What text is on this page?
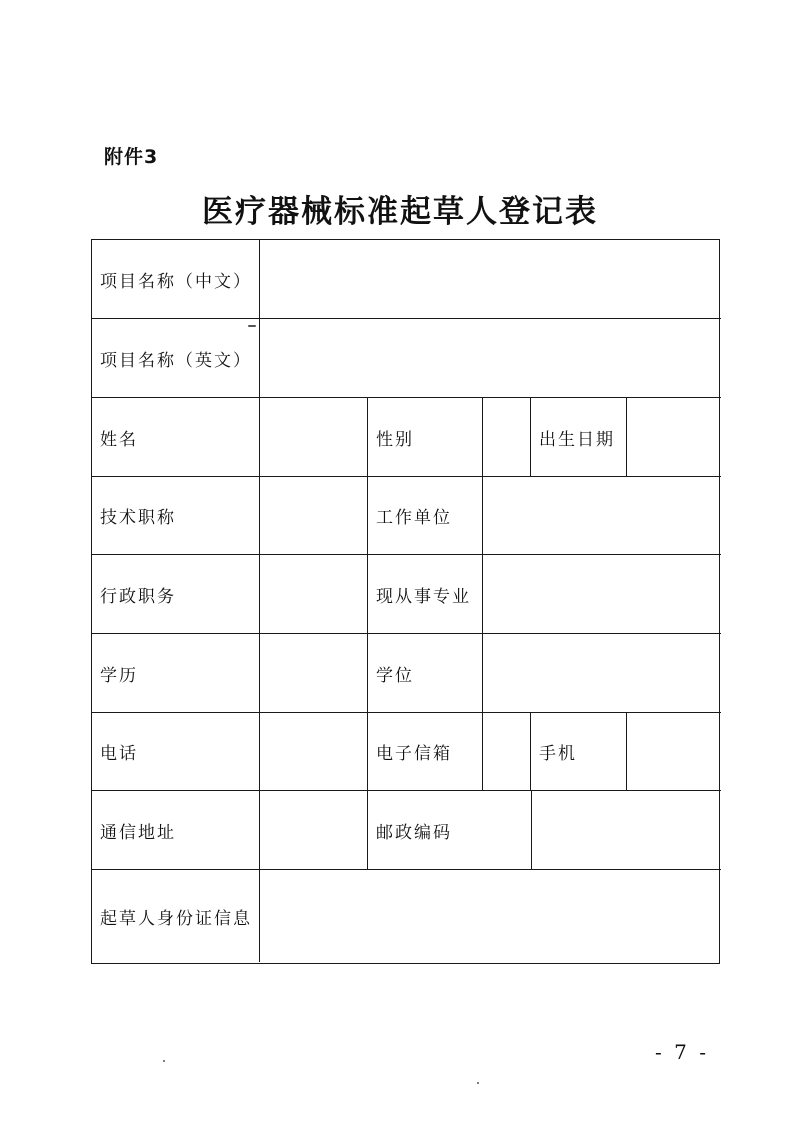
附件3
医疗器械标准起草人登记表
项目名称（中文）
项目名称（英文）
姓名	性别	出生日期
技术职称	工作单位
行政职务	现从事专业
学历	学位
电话	电子信箱	手机
通信地址	邮政编码
起草人身份证信息
- 7 -
